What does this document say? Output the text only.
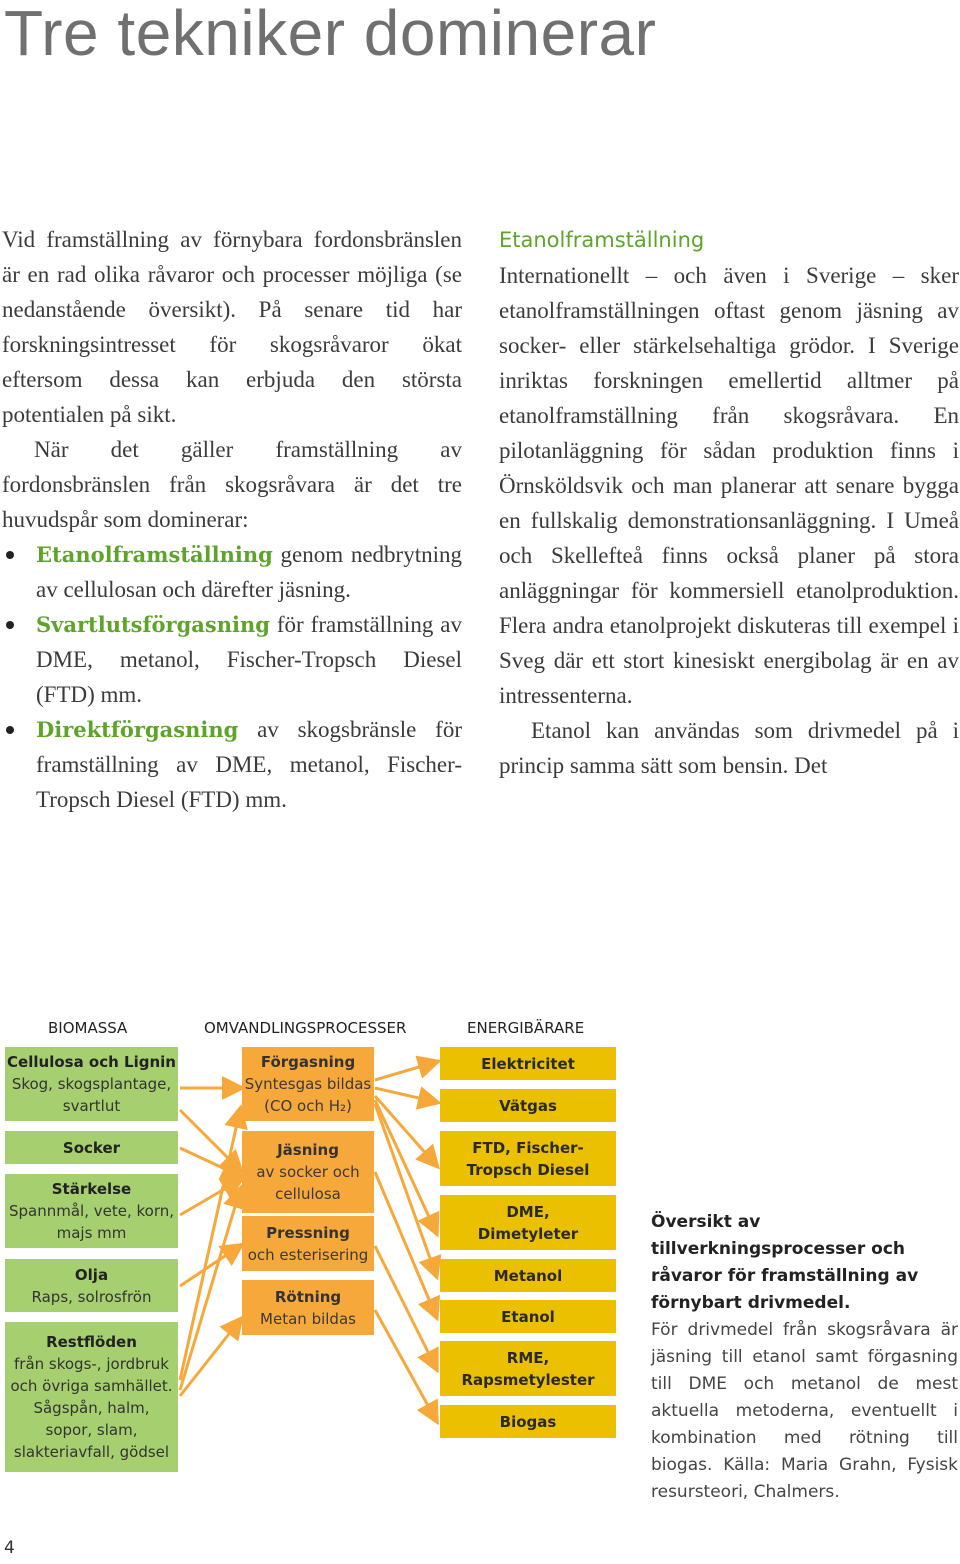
Tre tekniker dominerar

Vid framställning av förnybara fordonsbränslen är en rad olika råvaror och processer möjliga (se nedanstående översikt). På senare tid har forskningsintresset för skogsråvaror ökat eftersom dessa kan erbjuda den största potentialen på sikt.

När det gäller framställning av fordonsbränslen från skogsråvara är det tre huvudspår som dominerar:

Etanolframställning genom nedbrytning av cellulosan och därefter jäsning.
Svartlutsförgasning för framställning av DME, metanol, Fischer-Tropsch Diesel (FTD) mm.
Direktförgasning av skogsbränsle för framställning av DME, metanol, Fischer-Tropsch Diesel (FTD) mm.
Etanolframställning

Internationellt – och även i Sverige – sker etanolframställningen oftast genom jäsning av socker- eller stärkelsehaltiga grödor. I Sverige inriktas forskningen emellertid alltmer på etanolframställning från skogsråvara. En pilotanläggning för sådan produktion finns i Örnsköldsvik och man planerar att senare bygga en fullskalig demonstrationsanläggning. I Umeå och Skellefteå finns också planer på stora anläggningar för kommersiell etanolproduktion. Flera andra etanolprojekt diskuteras till exempel i Sveg där ett stort kinesiskt energibolag är en av intressenterna.

Etanol kan användas som drivmedel på i princip samma sätt som bensin. Det

BIOMASSA	OMVANDLINGSPROCESSER	ENERGIBÄRARE
Cellulosa och Lignin
Skog, skogsplantage, svartlut
Socker
Stärkelse
Spannmål, vete, korn, majs mm
Olja
Raps, solrosfrön
Restflöden
från skogs-, jordbruk och övriga samhället. Sågspån, halm, sopor, slam, slakteriavfall, gödsel
Förgasning
Syntesgas bildas (CO och H₂)
Jäsning
av socker och cellulosa
Pressning
och esterisering
Rötning
Metan bildas
Elektricitet
Vätgas
FTD, Fischer-Tropsch Diesel
DME, Dimetyleter
Metanol
Etanol
RME, Rapsmetylester
Biogas
Översikt av tillverkningsprocesser och råvaror för framställning av förnybart drivmedel.
För drivmedel från skogsråvara är jäsning till etanol samt förgasning till DME och metanol de mest aktuella metoderna, eventuellt i kombination med rötning till biogas. Källa: Maria Grahn, Fysisk resursteori, Chalmers.
4
